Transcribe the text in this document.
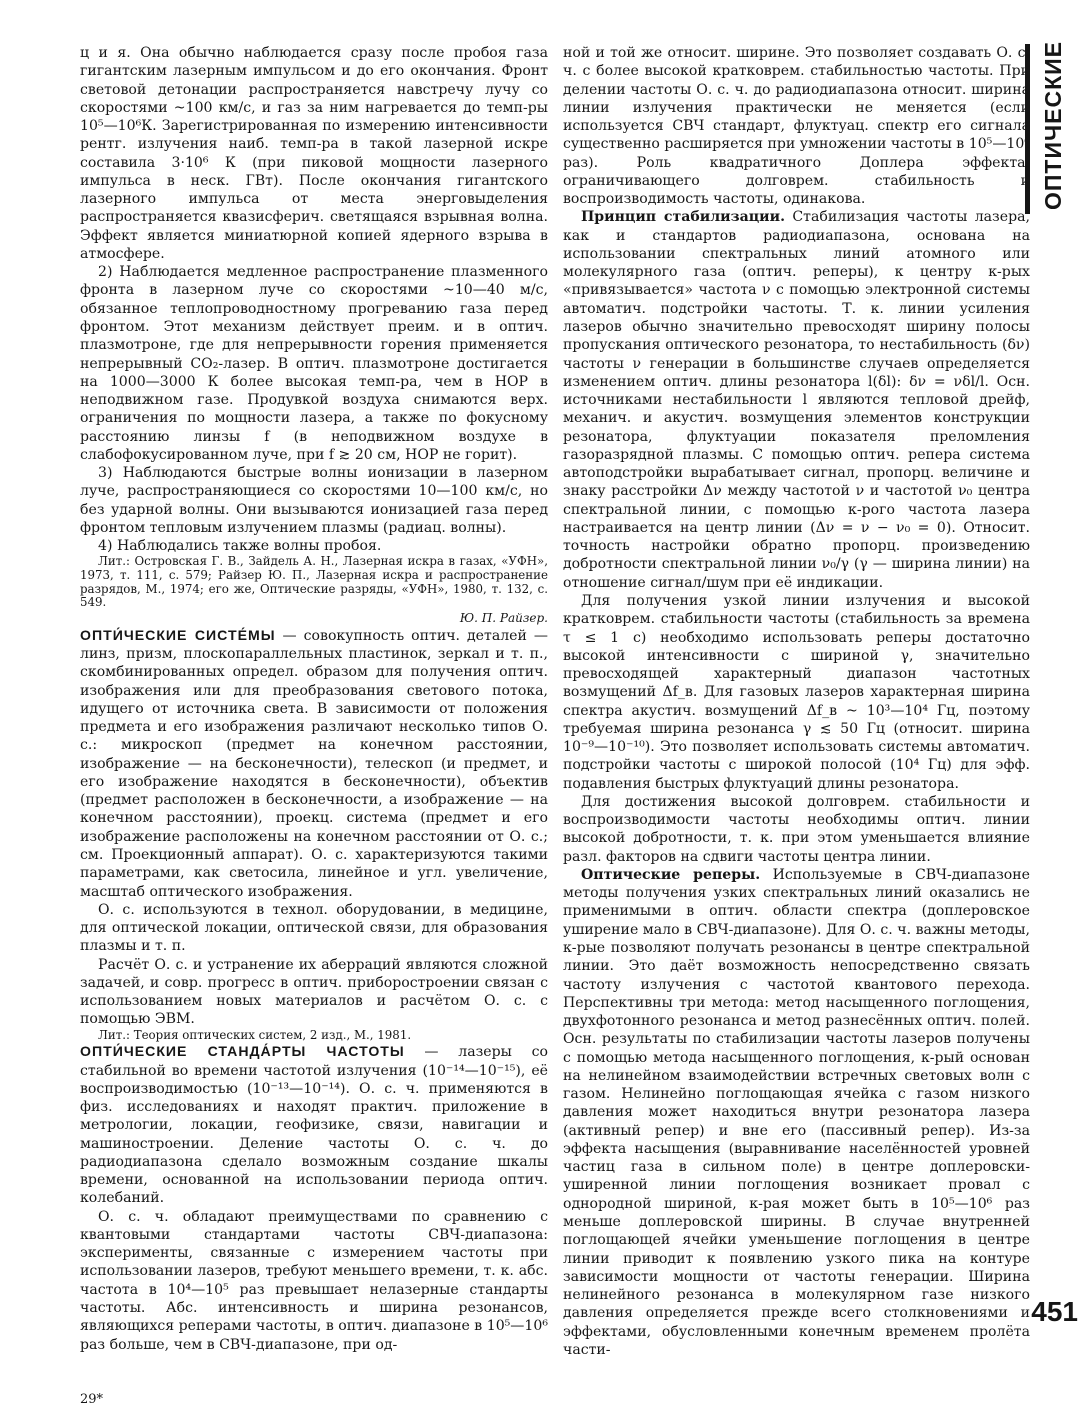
ц и я. Она обычно наблюдается сразу после пробоя газа гигантским лазерным импульсом и до его окончания. Фронт световой детонации распространяется навстречу лучу со скоростями ~100 км/с, и газ за ним нагревается до темп-ры 10⁵—10⁶К. Зарегистрированная по измерению интенсивности рентг. излучения наиб. темп-ра в такой лазерной искре составила 3·10⁶ К (при пиковой мощности лазерного импульса в неск. ГВт). После окончания гигантского лазерного импульса от места энерговыделения распространяется квазисферич. светящаяся взрывная волна. Эффект является миниатюрной копией ядерного взрыва в атмосфере.

2) Наблюдается медленное распространение плазменного фронта в лазерном луче со скоростями ~10—40 м/с, обязанное теплопроводностному прогреванию газа перед фронтом. Этот механизм действует преим. и в оптич. плазмотроне, где для непрерывности горения применяется непрерывный CO₂-лазер. В оптич. плазмотроне достигается на 1000—3000 К более высокая темп-ра, чем в НОР в неподвижном газе. Продувкой воздуха снимаются верх. ограничения по мощности лазера, а также по фокусному расстоянию линзы f (в неподвижном воздухе в слабофокусированном луче, при f ≳ 20 см, НОР не горит).

3) Наблюдаются быстрые волны ионизации в лазерном луче, распространяющиеся со скоростями 10—100 км/с, но без ударной волны. Они вызываются ионизацией газа перед фронтом тепловым излучением плазмы (радиац. волны).

4) Наблюдались также волны пробоя.

Лит.: Островская Г. В., Зайдель А. Н., Лазерная искра в газах, «УФН», 1973, т. 111, с. 579; Райзер Ю. П., Лазерная искра и распространение разрядов, М., 1974; его же, Оптические разряды, «УФН», 1980, т. 132, с. 549.

Ю. П. Райзер.

ОПТИ́ЧЕСКИЕ СИСТЕ́МЫ — совокупность оптич. деталей — линз, призм, плоскопараллельных пластинок, зеркал и т. п., скомбинированных определ. образом для получения оптич. изображения или для преобразования светового потока, идущего от источника света. В зависимости от положения предмета и его изображения различают несколько типов О. с.: микроскоп (предмет на конечном расстоянии, изображение — на бесконечности), телескоп (и предмет, и его изображение находятся в бесконечности), объектив (предмет расположен в бесконечности, а изображение — на конечном расстоянии), проекц. система (предмет и его изображение расположены на конечном расстоянии от О. с.; см. Проекционный аппарат). О. с. характеризуются такими параметрами, как светосила, линейное и угл. увеличение, масштаб оптического изображения.

О. с. используются в технол. оборудовании, в медицине, для оптической локации, оптической связи, для образования плазмы и т. п.

Расчёт О. с. и устранение их аберраций являются сложной задачей, и совр. прогресс в оптич. приборостроении связан с использованием новых материалов и расчётом О. с. с помощью ЭВМ.

Лит.: Теория оптических систем, 2 изд., М., 1981.

ОПТИ́ЧЕСКИЕ СТАНДА́РТЫ ЧАСТОТЫ — лазеры со стабильной во времени частотой излучения (10⁻¹⁴—10⁻¹⁵), её воспроизводимостью (10⁻¹³—10⁻¹⁴). О. с. ч. применяются в физ. исследованиях и находят практич. приложение в метрологии, локации, геофизике, связи, навигации и машиностроении. Деление частоты О. с. ч. до радиодиапазона сделало возможным создание шкалы времени, основанной на использовании периода оптич. колебаний.

О. с. ч. обладают преимуществами по сравнению с квантовыми стандартами частоты СВЧ-диапазона: эксперименты, связанные с измерением частоты при использовании лазеров, требуют меньшего времени, т. к. абс. частота в 10⁴—10⁵ раз превышает нелазерные стандарты частоты. Абс. интенсивность и ширина резонансов, являющихся реперами частоты, в оптич. диапазоне в 10⁵—10⁶ раз больше, чем в СВЧ-диапазоне, при од-

ной и той же относит. ширине. Это позволяет создавать О. с. ч. с более высокой кратковрем. стабильностью частоты. При делении частоты О. с. ч. до радиодиапазона относит. ширина линии излучения практически не меняется (если используется СВЧ стандарт, флуктуац. спектр его сигнала существенно расширяется при умножении частоты в 10⁵—10⁶ раз). Роль квадратичного Доплера эффекта, ограничивающего долговрем. стабильность и воспроизводимость частоты, одинакова.

Принцип стабилизации. Стабилизация частоты лазера, как и стандартов радиодиапазона, основана на использовании спектральных линий атомного или молекулярного газа (оптич. реперы), к центру к-рых «привязывается» частота ν с помощью электронной системы автоматич. подстройки частоты. Т. к. линии усиления лазеров обычно значительно превосходят ширину полосы пропускания оптического резонатора, то нестабильность (δν) частоты ν генерации в большинстве случаев определяется изменением оптич. длины резонатора l(δl): δν = νδl/l. Осн. источниками нестабильности l являются тепловой дрейф, механич. и акустич. возмущения элементов конструкции резонатора, флуктуации показателя преломления газоразрядной плазмы. С помощью оптич. репера система автоподстройки вырабатывает сигнал, пропорц. величине и знаку расстройки Δν между частотой ν и частотой ν₀ центра спектральной линии, с помощью к-рого частота лазера настраивается на центр линии (Δν = ν − ν₀ = 0). Относит. точность настройки обратно пропорц. произведению добротности спектральной линии ν₀/γ (γ — ширина линии) на отношение сигнал/шум при её индикации.

Для получения узкой линии излучения и высокой кратковрем. стабильности частоты (стабильность за времена τ ≤ 1 с) необходимо использовать реперы достаточно высокой интенсивности с шириной γ, значительно превосходящей характерный диапазон частотных возмущений Δf_в. Для газовых лазеров характерная ширина спектра акустич. возмущений Δf_в ~ 10³—10⁴ Гц, поэтому требуемая ширина резонанса γ ≲ 50 Гц (относит. ширина 10⁻⁹—10⁻¹⁰). Это позволяет использовать системы автоматич. подстройки частоты с широкой полосой (10⁴ Гц) для эфф. подавления быстрых флуктуаций длины резонатора.

Для достижения высокой долговрем. стабильности и воспроизводимости частоты необходимы оптич. линии высокой добротности, т. к. при этом уменьшается влияние разл. факторов на сдвиги частоты центра линии.

Оптические реперы. Используемые в СВЧ-диапазоне методы получения узких спектральных линий оказались не применимыми в оптич. области спектра (доплеровское уширение мало в СВЧ-диапазоне). Для О. с. ч. важны методы, к-рые позволяют получать резонансы в центре спектральной линии. Это даёт возможность непосредственно связать частоту излучения с частотой квантового перехода. Перспективны три метода: метод насыщенного поглощения, двухфотонного резонанса и метод разнесённых оптич. полей. Осн. результаты по стабилизации частоты лазеров получены с помощью метода насыщенного поглощения, к-рый основан на нелинейном взаимодействии встречных световых волн с газом. Нелинейно поглощающая ячейка с газом низкого давления может находиться внутри резонатора лазера (активный репер) и вне его (пассивный репер). Из-за эффекта насыщения (выравнивание населённостей уровней частиц газа в сильном поле) в центре доплеровски-уширенной линии поглощения возникает провал с однородной шириной, к-рая может быть в 10⁵—10⁶ раз меньше доплеровской ширины. В случае внутренней поглощающей ячейки уменьшение поглощения в центре линии приводит к появлению узкого пика на контуре зависимости мощности от частоты генерации. Ширина нелинейного резонанса в молекулярном газе низкого давления определяется прежде всего столкновениями и эффектами, обусловленными конечным временем пролёта части-

ОПТИЧЕСКИЕ
451
29*
